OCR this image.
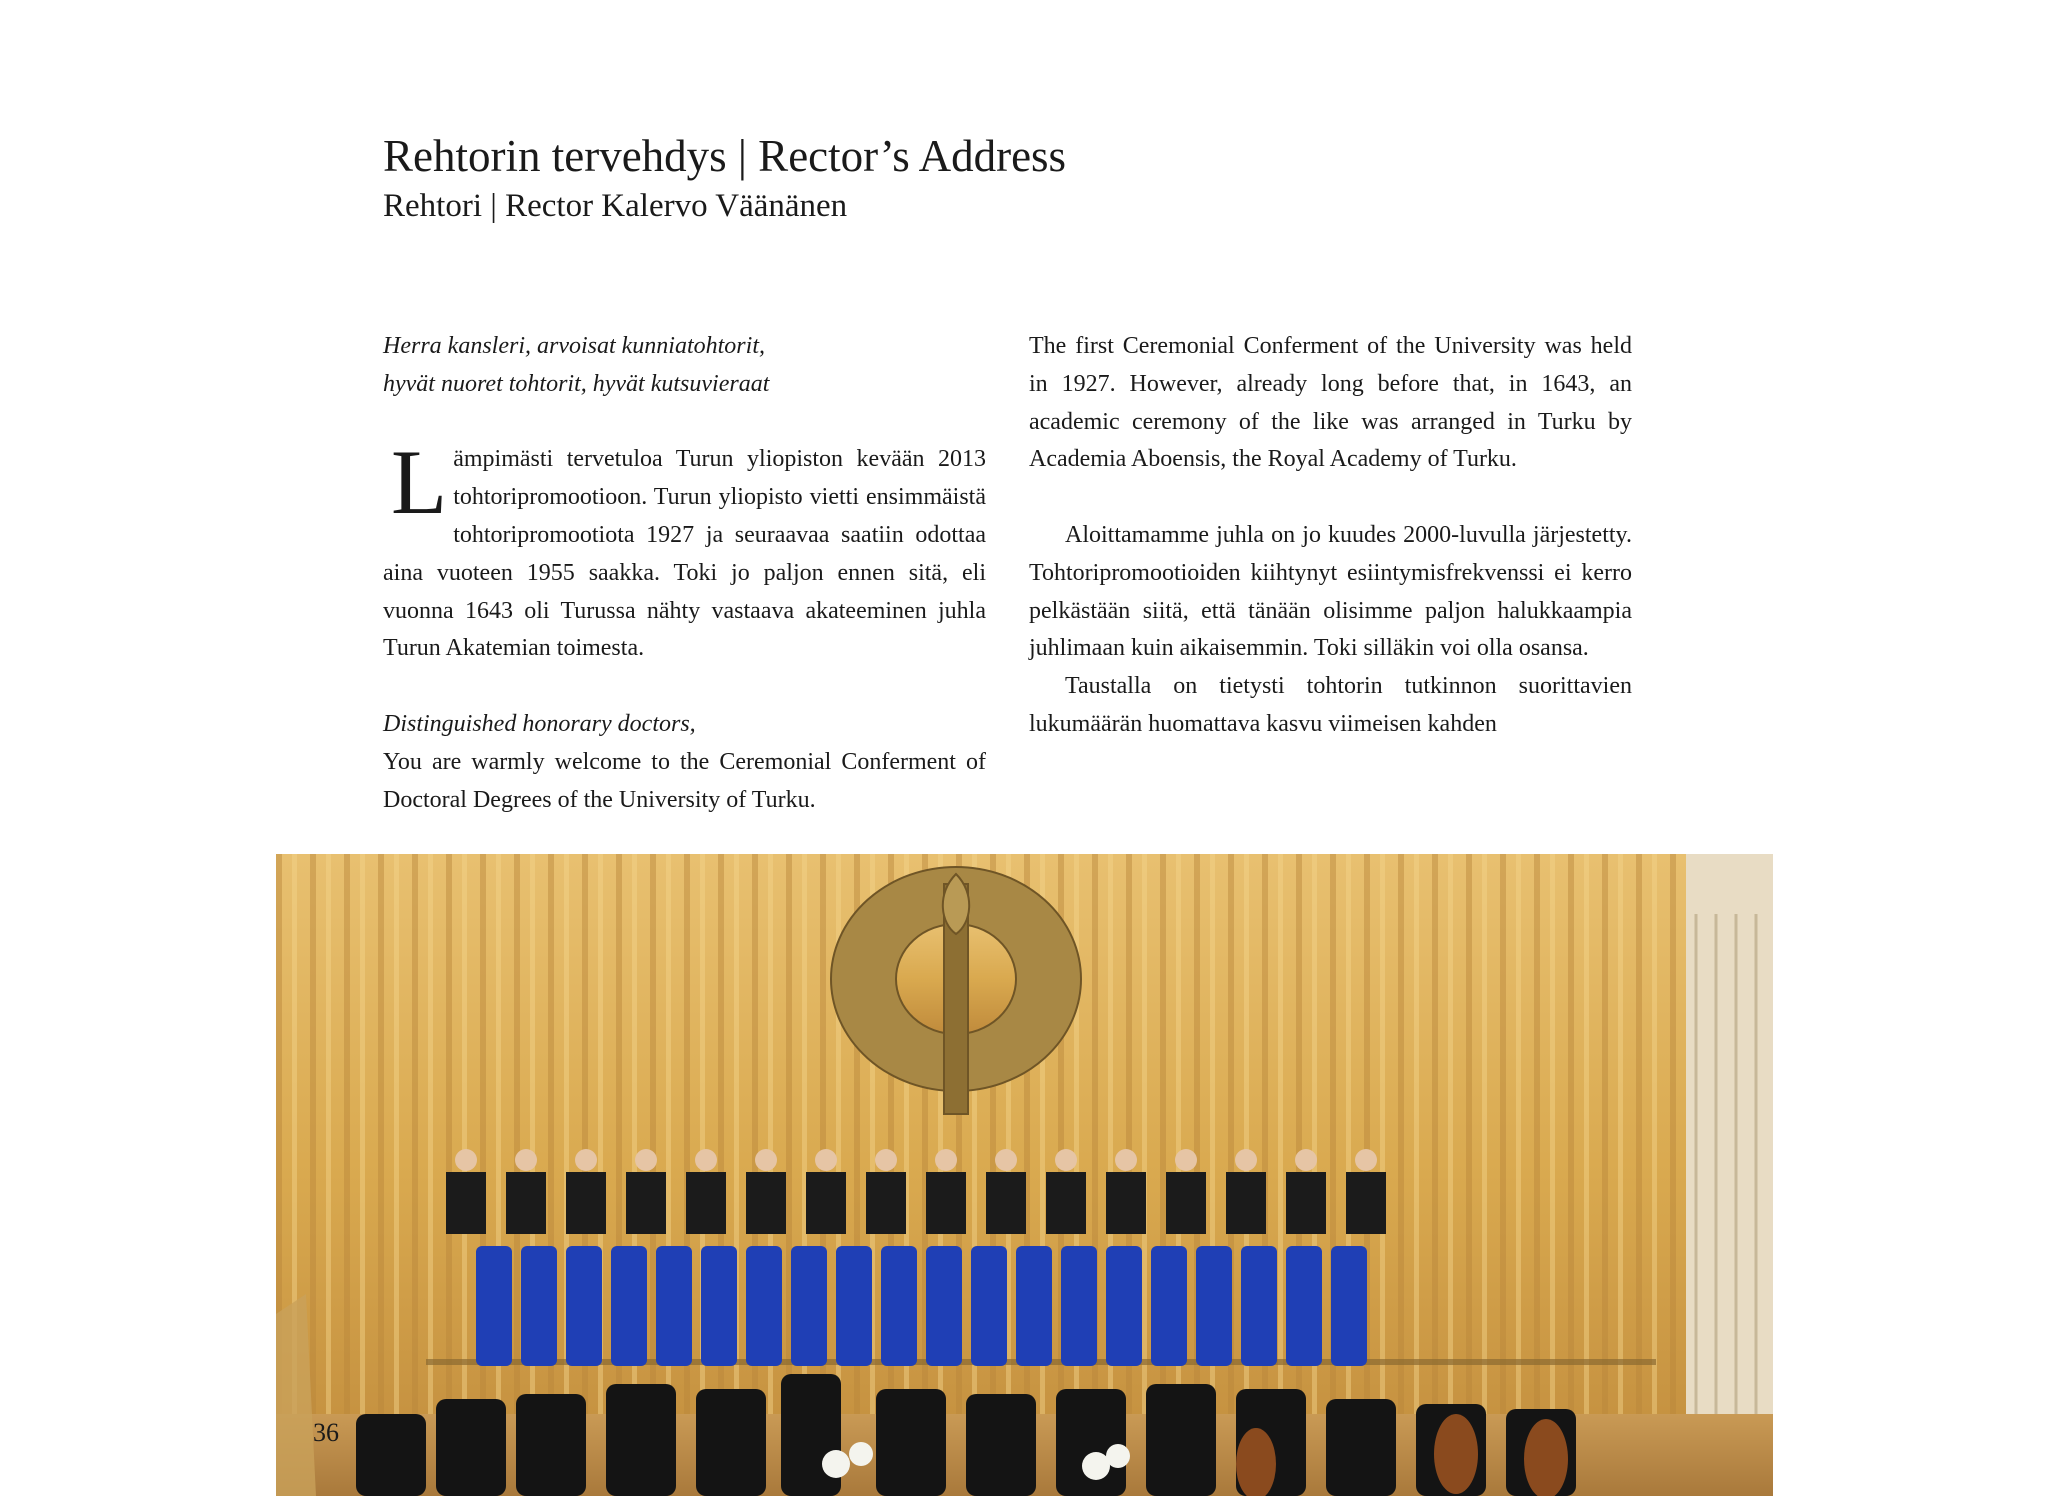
Rehtorin tervehdys | Rector’s Address
Rehtori | Rector Kalervo Väänänen

Herra kansleri, arvoisat kunniatohtorit,

hyvät nuoret tohtorit, hyvät kutsuvieraat

Lämpimästi tervetuloa Turun yliopiston kevään 2013 tohtoripromootioon. Turun yliopisto vietti ensimmäistä tohtoripromootiota 1927 ja seuraavaa saatiin odottaa aina vuoteen 1955 saakka. Toki jo paljon ennen sitä, eli vuonna 1643 oli Turussa nähty vastaava akateeminen juhla Turun Akatemian toimesta.

Distinguished honorary doctors,

You are warmly welcome to the Ceremonial Conferment of Doctoral Degrees of the University of Turku.

The first Ceremonial Conferment of the University was held in 1927. However, already long before that, in 1643, an academic ceremony of the like was arranged in Turku by Academia Aboensis, the Royal Academy of Turku.

Aloittamamme juhla on jo kuudes 2000-luvulla järjestetty. Tohtoripromootioiden kiihtynyt esiintymisfrekvenssi ei kerro pelkästään siitä, että tänään olisimme paljon halukkaampia juhlimaan kuin aikaisemmin. Toki silläkin voi olla osansa.

Taustalla on tietysti tohtorin tutkinnon suorittavien lukumäärän huomattava kasvu viimeisen kahden

36
